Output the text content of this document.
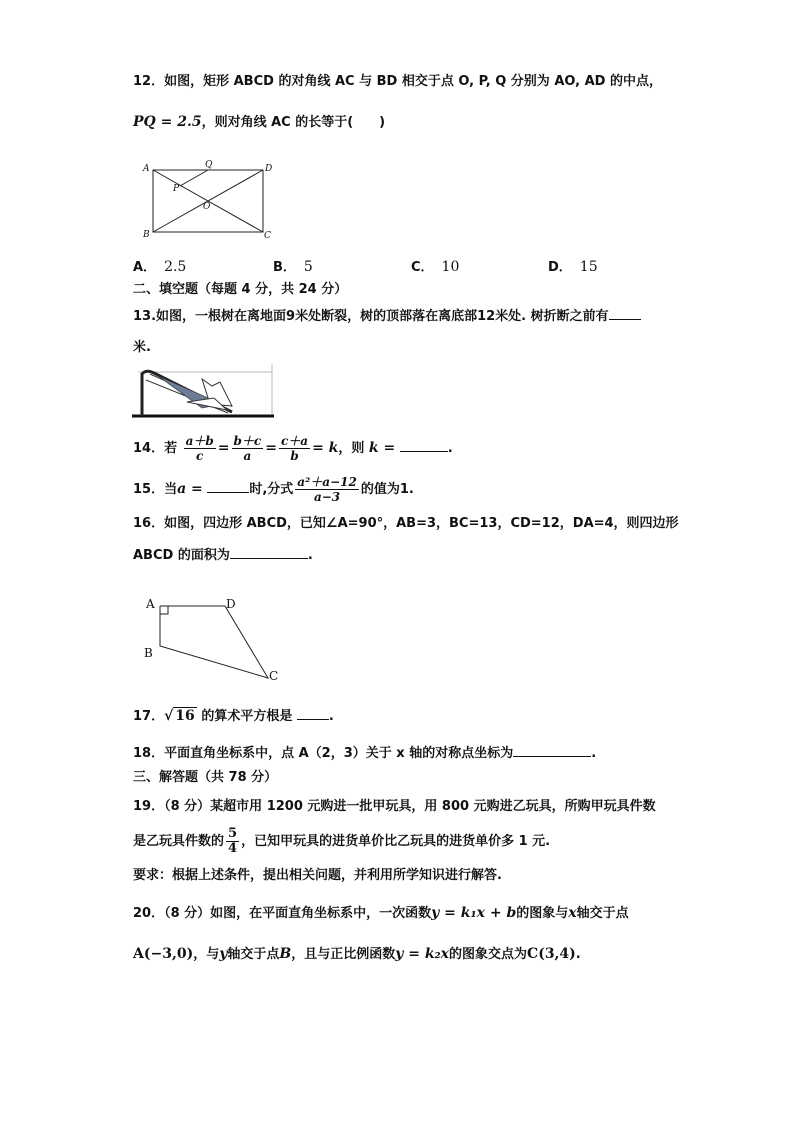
12．如图，矩形 ABCD 的对角线 AC 与 BD 相交于点 O, P, Q 分别为 AO, AD 的中点，
PQ = 2.5，则对角线 AC 的长等于(　　)
A	D
B	C
Q
P
O
A． 2.5	B． 5	C． 10	D． 15
二、填空题（每题 4 分，共 24 分）
13.如图，一根树在离地面9米处断裂，树的顶部落在离底部12米处. 树折断之前有
米.
14．若 $\frac{a+b}{c} = \frac{b+c}{a} = \frac{c+a}{b} = k$，则 k =	.
15．当a =	时,分式 $\frac{\text{a²＋a−12}}{a-3}$ 的值为1.
16．如图，四边形 ABCD，已知∠A=90°，AB=3，BC=13，CD=12，DA=4，则四边形
ABCD 的面积为	.
A	D
B
C
17．√ 16 的算术平方根是	.
18．平面直角坐标系中，点 A（2，3）关于 x 轴的对称点坐标为	.
三、解答题（共 78 分）
19．（8 分）某超市用 1200 元购进一批甲玩具，用 800 元购进乙玩具，所购甲玩具件数
是乙玩具件数的 $\frac{5}{4}$ ，已知甲玩具的进货单价比乙玩具的进货单价多 1 元.
要求：根据上述条件，提出相关问题，并利用所学知识进行解答.
20．（8 分）如图，在平面直角坐标系中，一次函数y = k₁x + b的图象与x轴交于点
A(−3,0)，与y轴交于点B，且与正比例函数y = k₂x的图象交点为C(3,4).
